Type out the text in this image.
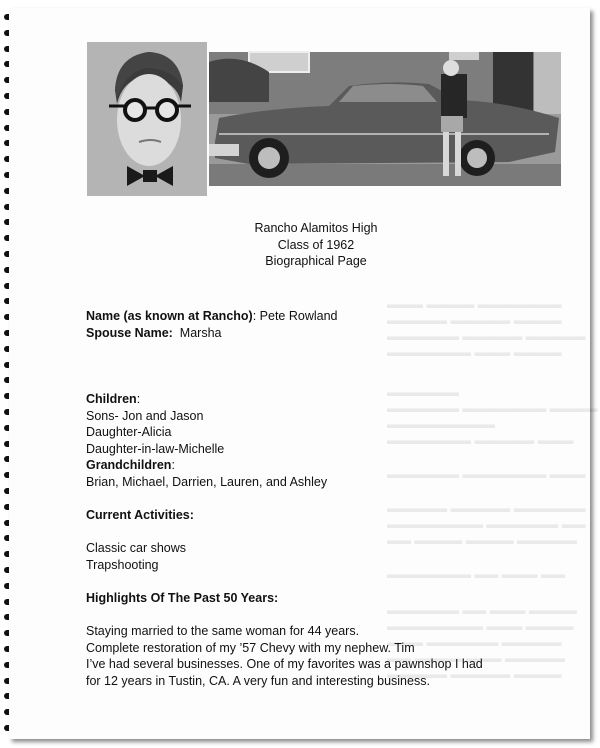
▬▬▬ ▬▬▬▬ ▬▬▬▬▬▬▬
▬▬▬▬▬ ▬▬▬▬▬ ▬▬▬▬
▬▬▬▬▬▬ ▬▬▬▬▬ ▬▬▬▬▬
▬▬▬▬▬▬▬ ▬▬▬ ▬▬▬▬
▬▬▬▬▬▬
▬▬▬▬▬▬ ▬▬▬▬▬▬▬ ▬▬▬▬
▬▬▬▬▬▬▬▬▬
▬▬▬▬▬▬▬ ▬▬▬▬▬ ▬▬▬
▬▬▬▬▬▬ ▬▬▬▬▬▬▬ ▬▬▬
▬▬▬▬▬ ▬▬▬▬▬ ▬▬▬▬▬▬
▬▬▬▬▬▬▬▬ ▬▬▬▬▬▬ ▬▬
▬▬ ▬▬▬▬ ▬▬▬▬ ▬▬▬▬▬
▬▬▬▬▬▬▬ ▬▬ ▬▬▬ ▬▬
▬▬▬▬▬▬ ▬▬ ▬▬▬ ▬▬▬▬
▬▬▬▬▬▬▬▬ ▬▬▬ ▬▬▬▬
▬▬▬ ▬▬▬▬▬▬ ▬▬▬▬▬
▬▬ ▬▬▬▬ ▬▬▬ ▬▬▬▬▬
▬▬▬▬▬ ▬▬▬▬▬ ▬▬▬▬
Rancho Alamitos High
Class of 1962
Biographical Page
Name (as known at Rancho): Pete Rowland
Spouse Name: Marsha
Children:
Sons- Jon and Jason
Daughter-Alicia
Daughter-in-law-Michelle
Grandchildren:
Brian, Michael, Darrien, Lauren, and Ashley
Current Activities:
Classic car shows
Trapshooting
Highlights Of The Past 50 Years:
Staying married to the same woman for 44 years.
Complete restoration of my ’57 Chevy with my nephew. Tim
I’ve had several businesses. One of my favorites was a pawnshop I had
for 12 years in Tustin, CA. A very fun and interesting business.
